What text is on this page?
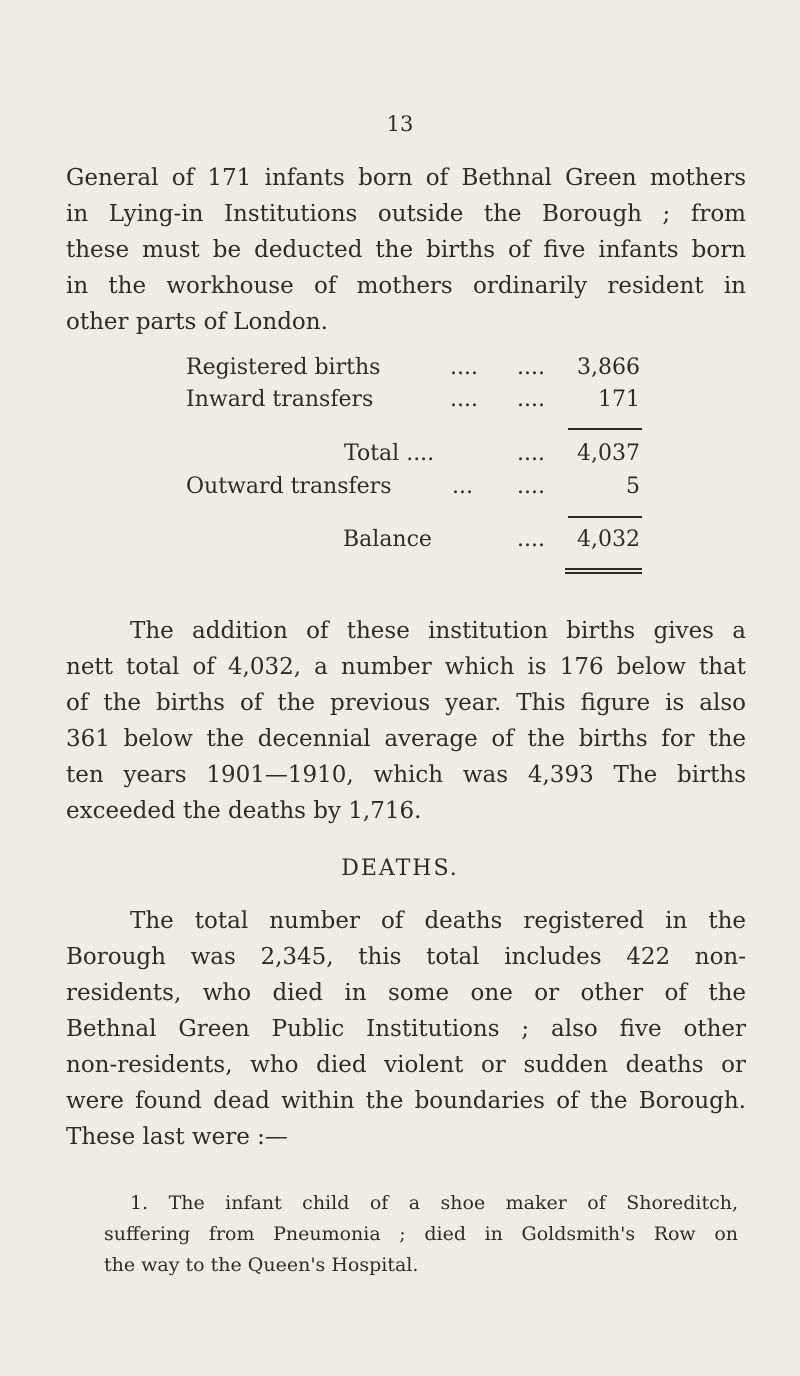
13

General of 171 infants born of Bethnal Green mothers
in Lying-in Institutions outside the Borough ; from
these must be deducted the births of five infants born
in the workhouse of mothers ordinarily resident in
other parts of London.

Registered births	.... .... 3,866
Inward transfers	.... .... 171
Total ....	.... 4,037
Outward transfers	... ....	5
Balance	.... 4,032

The addition of these institution births gives a
nett total of 4,032, a number which is 176 below that
of the births of the previous year. This figure is also
361 below the decennial average of the births for the
ten years 1901—1910, which was 4,393 The births
exceeded the deaths by 1,716.

DEATHS.

The total number of deaths registered in the
Borough was 2,345, this total includes 422 non-
residents, who died in some one or other of the
Bethnal Green Public Institutions ; also five other
non-residents, who died violent or sudden deaths or
were found dead within the boundaries of the Borough.
These last were :—

1. The infant child of a shoe maker of Shoreditch,
suffering from Pneumonia ; died in Goldsmith's Row on
the way to the Queen's Hospital.
